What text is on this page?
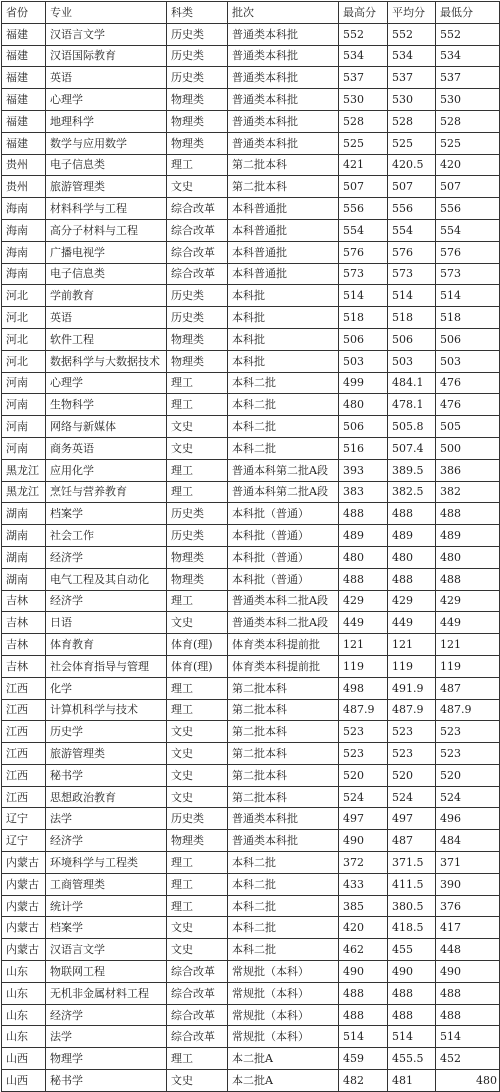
省份	专业	科类	批次	最高分	平均分	最低分
福建	汉语言文学	历史类	普通类本科批	552	552	552
福建	汉语国际教育	历史类	普通类本科批	534	534	534
福建	英语	历史类	普通类本科批	537	537	537
福建	心理学	物理类	普通类本科批	530	530	530
福建	地理科学	物理类	普通类本科批	528	528	528
福建	数学与应用数学	物理类	普通类本科批	525	525	525
贵州	电子信息类	理工	第二批本科	421	420.5	420
贵州	旅游管理类	文史	第二批本科	507	507	507
海南	材料科学与工程	综合改革	本科普通批	556	556	556
海南	高分子材料与工程	综合改革	本科普通批	554	554	554
海南	广播电视学	综合改革	本科普通批	576	576	576
海南	电子信息类	综合改革	本科普通批	573	573	573
河北	学前教育	历史类	本科批	514	514	514
河北	英语	历史类	本科批	518	518	518
河北	软件工程	物理类	本科批	506	506	506
河北	数据科学与大数据技术	物理类	本科批	503	503	503
河南	心理学	理工	本科二批	499	484.1	476
河南	生物科学	理工	本科二批	480	478.1	476
河南	网络与新媒体	文史	本科二批	506	505.8	505
河南	商务英语	文史	本科二批	516	507.4	500
黑龙江	应用化学	理工	普通本科第二批A段	393	389.5	386
黑龙江	烹饪与营养教育	理工	普通本科第二批A段	383	382.5	382
湖南	档案学	历史类	本科批（普通）	488	488	488
湖南	社会工作	历史类	本科批（普通）	489	489	489
湖南	经济学	物理类	本科批（普通）	480	480	480
湖南	电气工程及其自动化	物理类	本科批（普通）	488	488	488
吉林	经济学	理工	普通类本科二批A段	429	429	429
吉林	日语	文史	普通类本科二批A段	449	449	449
吉林	体育教育	体育(理)	体育类本科提前批	121	121	121
吉林	社会体育指导与管理	体育(理)	体育类本科提前批	119	119	119
江西	化学	理工	第二批本科	498	491.9	487
江西	计算机科学与技术	理工	第二批本科	487.9	487.9	487.9
江西	历史学	文史	第二批本科	523	523	523
江西	旅游管理类	文史	第二批本科	523	523	523
江西	秘书学	文史	第二批本科	520	520	520
江西	思想政治教育	文史	第二批本科	524	524	524
辽宁	法学	历史类	普通类本科批	497	497	496
辽宁	经济学	物理类	普通类本科批	490	487	484
内蒙古	环境科学与工程类	理工	本科二批	372	371.5	371
内蒙古	工商管理类	理工	本科二批	433	411.5	390
内蒙古	统计学	理工	本科二批	385	380.5	376
内蒙古	档案学	文史	本科二批	420	418.5	417
内蒙古	汉语言文学	文史	本科二批	462	455	448
山东	物联网工程	综合改革	常规批（本科）	490	490	490
山东	无机非金属材料工程	综合改革	常规批（本科）	488	488	488
山东	经济学	综合改革	常规批（本科）	488	488	488
山东	法学	综合改革	常规批（本科）	514	514	514
山西	物理学	理工	本二批A	459	455.5	452
山西	秘书学	文史	本二批A	482	481	480
